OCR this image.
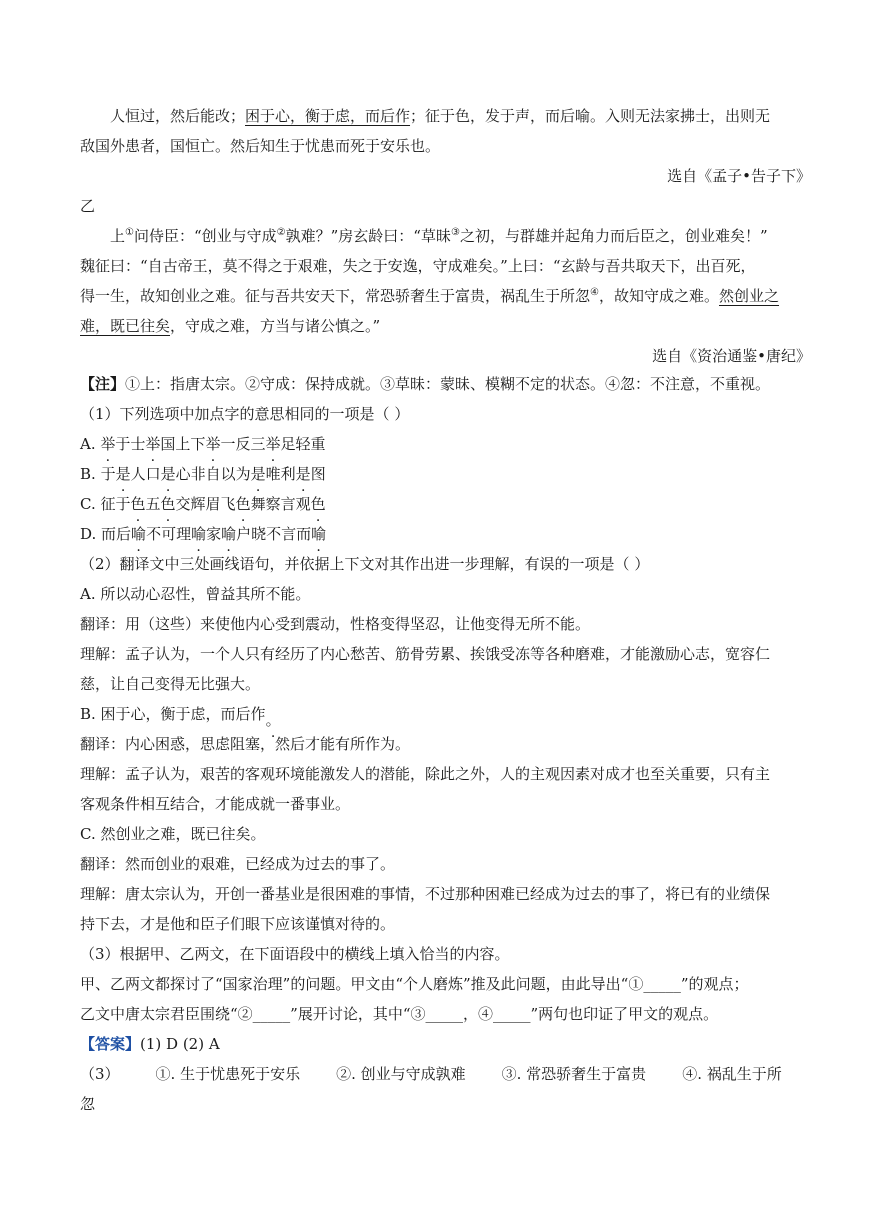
人恒过，然后能改；困于心，衡于虑，而后作；征于色，发于声，而后喻。入则无法家拂士，出则无
敌国外患者，国恒亡。然后知生于忧患而死于安乐也。
选自《孟子•告子下》
乙
上①问侍臣：“创业与守成②孰难？”房玄龄曰：“草昧③之初，与群雄并起角力而后臣之，创业难矣！”
魏征曰：“自古帝王，莫不得之于艰难，失之于安逸，守成难矣。”上曰：“玄龄与吾共取天下，出百死，
得一生，故知创业之难。征与吾共安天下，常恐骄奢生于富贵，祸乱生于所忽④，故知守成之难。然创业之
难，既已往矣，守成之难，方当与诸公慎之。”
选自《资治通鉴•唐纪》
【注】①上：指唐太宗。②守成：保持成就。③草昧：蒙昧、模糊不定的状态。④忽：不注意，不重视。
（1）下列选项中加点字的意思相同的一项是（ ）
A. 举于士举国上下举一反三举足轻重
B. 于是人口是心非自以为是唯利是图
C. 征于色五色交辉眉飞色舞察言观色
D. 而后喻不可理喻家喻户晓不言而喻
（2）翻译文中三处画线语句，并依据上下文对其作出进一步理解，有误的一项是（ ）
A. 所以动心忍性，曾益其所不能。
翻译：用（这些）来使他内心受到震动，性格变得坚忍，让他变得无所不能。
理解：孟子认为，一个人只有经历了内心愁苦、筋骨劳累、挨饿受冻等各种磨难，才能激励心志，宽容仁
慈，让自己变得无比强大。
B. 困于心，衡于虑，而后作。 ·
翻译：内心困惑，思虑阻塞，然后才能有所作为。
理解：孟子认为，艰苦的客观环境能激发人的潜能，除此之外，人的主观因素对成才也至关重要，只有主
客观条件相互结合，才能成就一番事业。
C. 然创业之难，既已往矣。
翻译：然而创业的艰难，已经成为过去的事了。
理解：唐太宗认为，开创一番基业是很困难的事情，不过那种困难已经成为过去的事了，将已有的业绩保
持下去，才是他和臣子们眼下应该谨慎对待的。
（3）根据甲、乙两文，在下面语段中的横线上填入恰当的内容。
甲、乙两文都探讨了“国家治理”的问题。甲文由“个人磨炼”推及此问题，由此导出“①_____”的观点；
乙文中唐太宗君臣围绕“②_____”展开讨论，其中“③_____，④_____”两句也印证了甲文的观点。
【答案】(1) D (2) A
（3） ①. 生于忧患死于安乐 ②. 创业与守成孰难 ③. 常恐骄奢生于富贵 ④. 祸乱生于所
忽
